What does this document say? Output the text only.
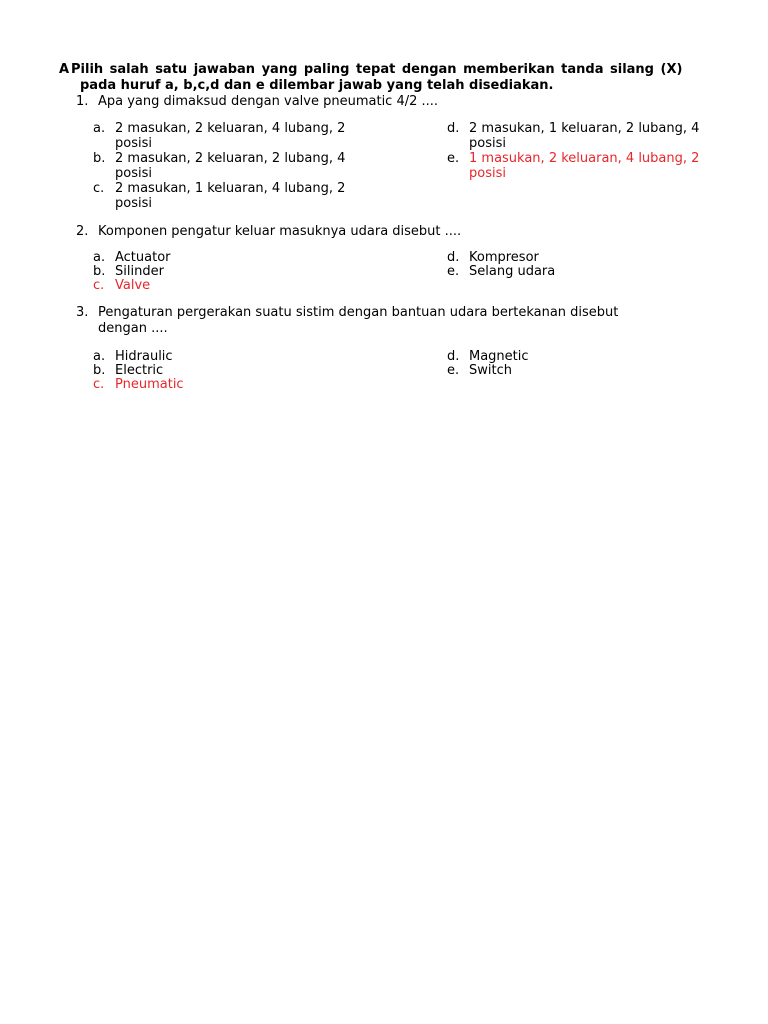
A Pilih salah satu jawaban yang paling tepat dengan memberikan tanda silang (X)
pada huruf a, b,c,d dan e dilembar jawab yang telah disediakan.
1. Apa yang dimaksud dengan valve pneumatic 4/2 ....
a. 2 masukan, 2 keluaran, 4 lubang, 2
posisi
b. 2 masukan, 2 keluaran, 2 lubang, 4
posisi
c. 2 masukan, 1 keluaran, 4 lubang, 2
posisi
d. 2 masukan, 1 keluaran, 2 lubang, 4
posisi
e. 1 masukan, 2 keluaran, 4 lubang, 2
posisi
2. Komponen pengatur keluar masuknya udara disebut ....
a. Actuator
b. Silinder
c. Valve
d. Kompresor
e. Selang udara
3. Pengaturan pergerakan suatu sistim dengan bantuan udara bertekanan disebut
dengan ....
a. Hidraulic
b. Electric
c. Pneumatic
d. Magnetic
e. Switch
